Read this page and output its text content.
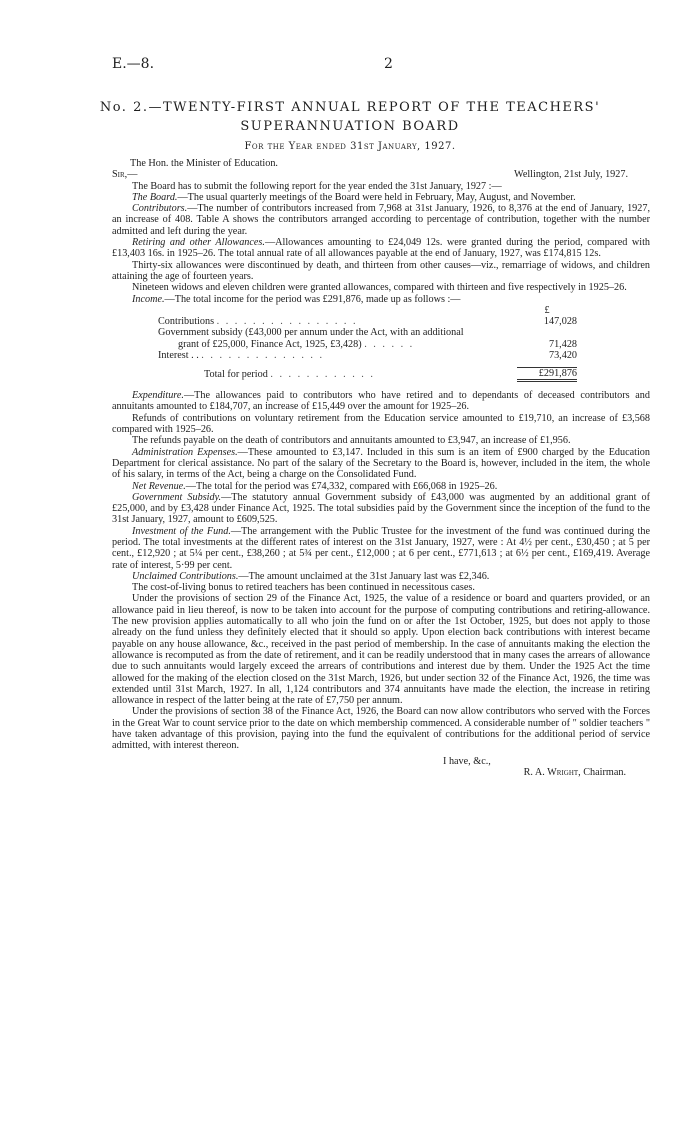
E.—8.	2
No. 2.—TWENTY-FIRST ANNUAL REPORT OF THE TEACHERS'
SUPERANNUATION BOARD
For the Year ended 31st January, 1927.

The Hon. the Minister of Education.

Sir,—	Wellington, 21st July, 1927.

The Board has to submit the following report for the year ended the 31st January, 1927 :—

The Board.—The usual quarterly meetings of the Board were held in February, May, August, and November.

Contributors.—The number of contributors increased from 7,968 at 31st January, 1926, to 8,376 at the end of January, 1927, an increase of 408. Table A shows the contributors arranged according to percentage of contribution, together with the number admitted and left during the year.

Retiring and other Allowances.—Allowances amounting to £24,049 12s. were granted during the period, compared with £13,403 16s. in 1925–26. The total annual rate of all allowances payable at the end of January, 1927, was £174,815 12s.

Thirty-six allowances were discontinued by death, and thirteen from other causes—viz., remarriage of widows, and children attaining the age of fourteen years.

Nineteen widows and eleven children were granted allowances, compared with thirteen and five respectively in 1925–26.

Income.—The total income for the period was £291,876, made up as follows :—

	£
Contributions . . . . . . . . . . . . . . . .	147,028
Government subsidy (£43,000 per annum under the Act, with an additional	
grant of £25,000, Finance Act, 1925, £3,428) . . . . . .	71,428
Interest . . . . . . . . . . . . . . . .	73,420

Total for period . . . . . . . . . . . .	£291,876

Expenditure.—The allowances paid to contributors who have retired and to dependants of deceased contributors and annuitants amounted to £184,707, an increase of £15,449 over the amount for 1925–26.

Refunds of contributions on voluntary retirement from the Education service amounted to £19,710, an increase of £3,568 compared with 1925–26.

The refunds payable on the death of contributors and annuitants amounted to £3,947, an increase of £1,956.

Administration Expenses.—These amounted to £3,147. Included in this sum is an item of £900 charged by the Education Department for clerical assistance. No part of the salary of the Secretary to the Board is, however, included in the item, the whole of his salary, in terms of the Act, being a charge on the Consolidated Fund.

Net Revenue.—The total for the period was £74,332, compared with £66,068 in 1925–26.

Government Subsidy.—The statutory annual Government subsidy of £43,000 was augmented by an additional grant of £25,000, and by £3,428 under Finance Act, 1925. The total subsidies paid by the Government since the inception of the fund to the 31st January, 1927, amount to £609,525.

Investment of the Fund.—The arrangement with the Public Trustee for the investment of the fund was continued during the period. The total investments at the different rates of interest on the 31st January, 1927, were : At 4½ per cent., £30,450 ; at 5 per cent., £12,920 ; at 5¼ per cent., £38,260 ; at 5¾ per cent., £12,000 ; at 6 per cent., £771,613 ; at 6½ per cent., £169,419. Average rate of interest, 5·99 per cent.

Unclaimed Contributions.—The amount unclaimed at the 31st January last was £2,346.

The cost-of-living bonus to retired teachers has been continued in necessitous cases.

Under the provisions of section 29 of the Finance Act, 1925, the value of a residence or board and quarters provided, or an allowance paid in lieu thereof, is now to be taken into account for the purpose of computing contributions and retiring-allowance. The new provision applies automatically to all who join the fund on or after the 1st October, 1925, but does not apply to those already on the fund unless they definitely elected that it should so apply. Upon election back contributions with interest became payable on any house allowance, &c., received in the past period of membership. In the case of annuitants making the election the allowance is recomputed as from the date of retirement, and it can be readily understood that in many cases the arrears of allowance due to such annuitants would largely exceed the arrears of contributions and interest due by them. Under the 1925 Act the time allowed for the making of the election closed on the 31st March, 1926, but under section 32 of the Finance Act, 1926, the time was extended until 31st March, 1927. In all, 1,124 contributors and 374 annuitants have made the election, the increase in retiring allowance in respect of the latter being at the rate of £7,750 per annum.

Under the provisions of section 38 of the Finance Act, 1926, the Board can now allow contributors who served with the Forces in the Great War to count service prior to the date on which membership commenced. A considerable number of " soldier teachers " have taken advantage of this provision, paying into the fund the equivalent of contributions for the additional period of service admitted, with interest thereon.

I have, &c.,
R. A. Wright, Chairman.
